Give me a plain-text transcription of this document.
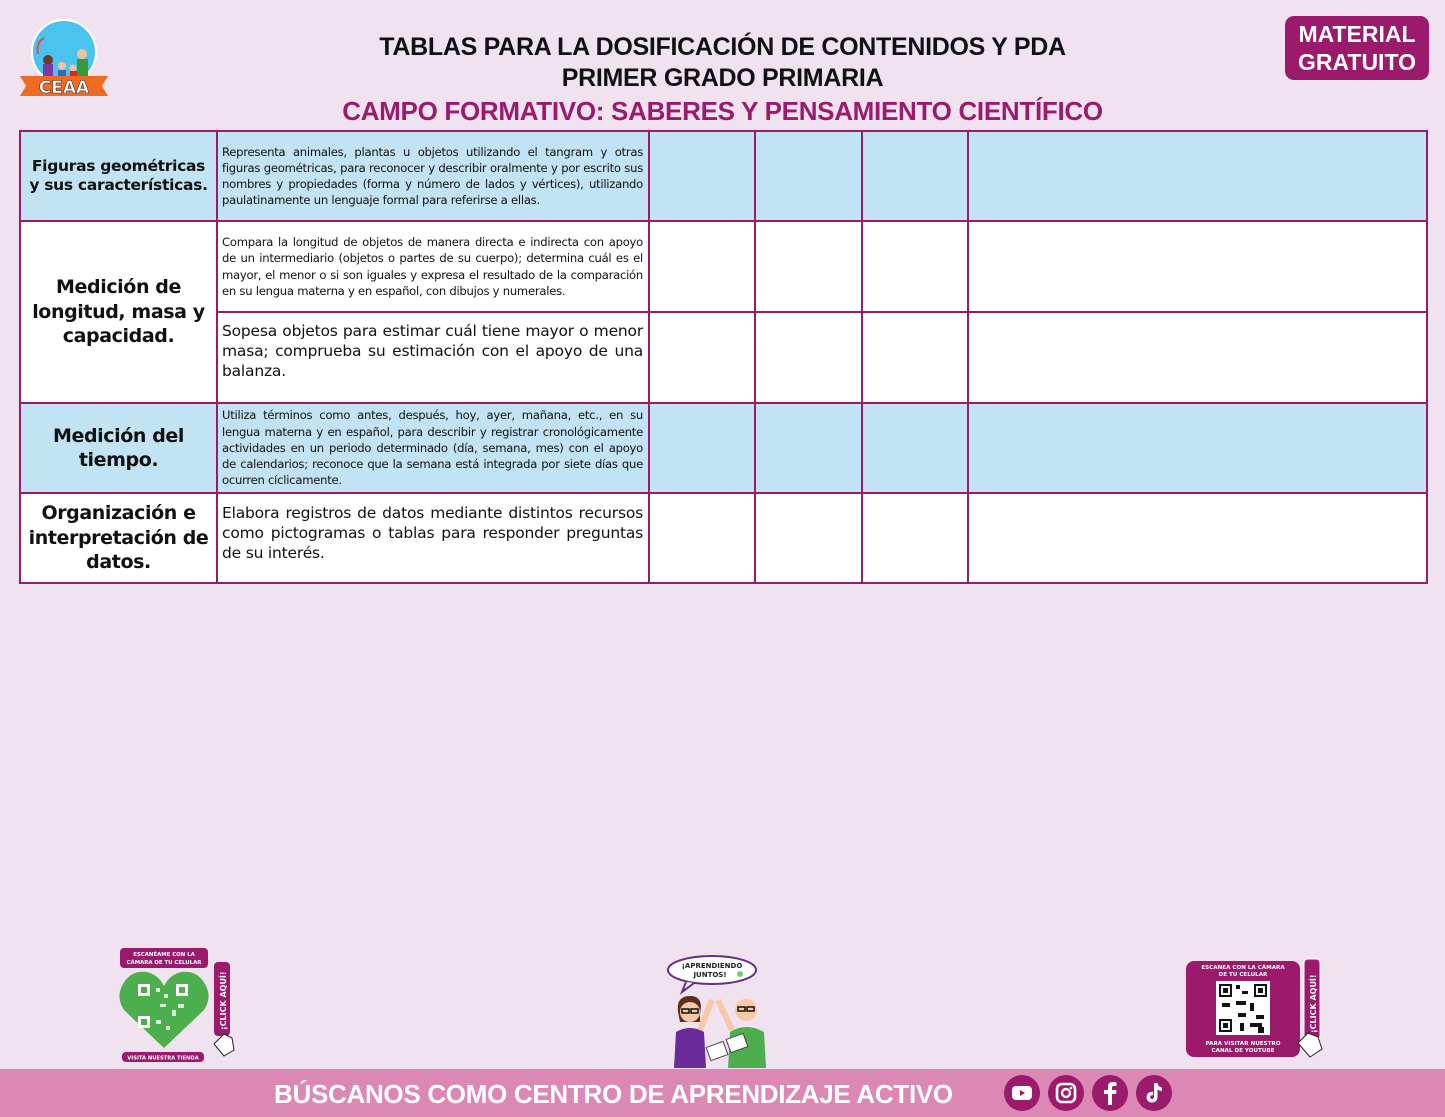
CEAA
TABLAS PARA LA DOSIFICACIÓN DE CONTENIDOS Y PDA
PRIMER GRADO PRIMARIA
CAMPO FORMATIVO: SABERES Y PENSAMIENTO CIENTÍFICO
MATERIAL
GRATUITO
Figuras geométricas y sus características.	Representa animales, plantas u objetos utilizando el tangram y otras figuras geométricas, para reconocer y describir oralmente y por escrito sus nombres y propiedades (forma y número de lados y vértices), utilizando paulatinamente un lenguaje formal para referirse a ellas.				
Medición de longitud, masa y capacidad.	Compara la longitud de objetos de manera directa e indirecta con apoyo de un intermediario (objetos o partes de su cuerpo); determina cuál es el mayor, el menor o si son iguales y expresa el resultado de la comparación en su lengua materna y en español, con dibujos y numerales.				
	Sopesa objetos para estimar cuál tiene mayor o menor masa; comprueba su estimación con el apoyo de una balanza.				
Medición del tiempo.	Utiliza términos como antes, después, hoy, ayer, mañana, etc., en su lengua materna y en español, para describir y registrar cronológicamente actividades en un periodo determinado (día, semana, mes) con el apoyo de calendarios; reconoce que la semana está integrada por siete días que ocurren cíclicamente.				
Organización e interpretación de datos.	Elabora registros de datos mediante distintos recursos como pictogramas o tablas para responder preguntas de su interés.				
ESCANÉAME CON LA
CÁMARA DE TU CELULAR
¡CLICK AQUÍ!
VISITA NUESTRA TIENDA
¡APRENDIENDO
JUNTOS!
ESCANEA CON LA CÁMARA
DE TU CELULAR
PARA VISITAR NUESTRO
CANAL DE YOUTUBE
¡CLICK AQUÍ!
BÚSCANOS COMO CENTRO DE APRENDIZAJE ACTIVO
